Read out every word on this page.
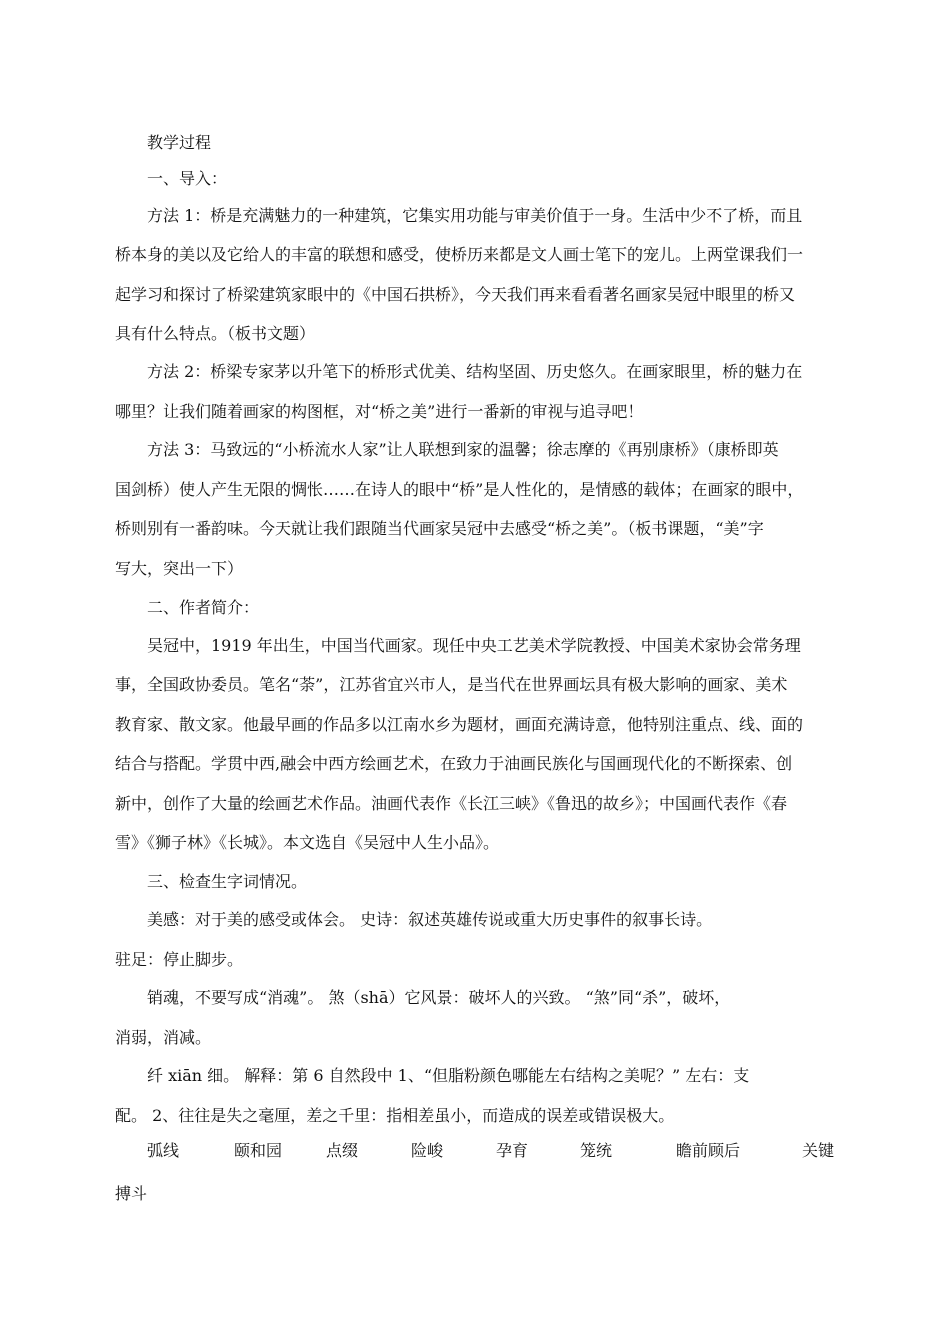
教学过程
一、导入：
方法 1：桥是充满魅力的一种建筑，它集实用功能与审美价值于一身。生活中少不了桥，而且
桥本身的美以及它给人的丰富的联想和感受，使桥历来都是文人画士笔下的宠儿。上两堂课我们一
起学习和探讨了桥梁建筑家眼中的《中国石拱桥》，今天我们再来看看著名画家吴冠中眼里的桥又
具有什么特点。（板书文题）
方法 2：桥梁专家茅以升笔下的桥形式优美、结构坚固、历史悠久。在画家眼里，桥的魅力在
哪里？让我们随着画家的构图框，对“桥之美”进行一番新的审视与追寻吧！
方法 3：马致远的“小桥流水人家”让人联想到家的温馨；徐志摩的《再别康桥》（康桥即英
国剑桥）使人产生无限的惆怅……在诗人的眼中“桥”是人性化的，是情感的载体；在画家的眼中，
桥则别有一番韵味。今天就让我们跟随当代画家吴冠中去感受“桥之美”。（板书课题，“美”字
写大，突出一下）
二、作者简介：
吴冠中，1919 年出生，中国当代画家。现任中央工艺美术学院教授、中国美术家协会常务理
事，全国政协委员。笔名“荼”，江苏省宜兴市人，是当代在世界画坛具有极大影响的画家、美术
教育家、散文家。他最早画的作品多以江南水乡为题材，画面充满诗意，他特别注重点、线、面的
结合与搭配。学贯中西,融会中西方绘画艺术，在致力于油画民族化与国画现代化的不断探索、创
新中，创作了大量的绘画艺术作品。油画代表作《长江三峡》《鲁迅的故乡》；中国画代表作《春
雪》《狮子林》《长城》。本文选自《吴冠中人生小品》。
三、检查生字词情况。
美感：对于美的感受或体会。 史诗：叙述英雄传说或重大历史事件的叙事长诗。
驻足：停止脚步。
销魂，不要写成“消魂”。 煞（shā）它风景：破坏人的兴致。 “煞”同“杀”，破坏，
消弱，消减。
纤 xiān 细。 解释：第 6 自然段中 1、“但脂粉颜色哪能左右结构之美呢？” 左右：支
配。 2、往往是失之毫厘，差之千里：指相差虽小，而造成的误差或错误极大。
弧线	颐和园	点缀	险峻	孕育	笼统	瞻前顾后	关键
搏斗
